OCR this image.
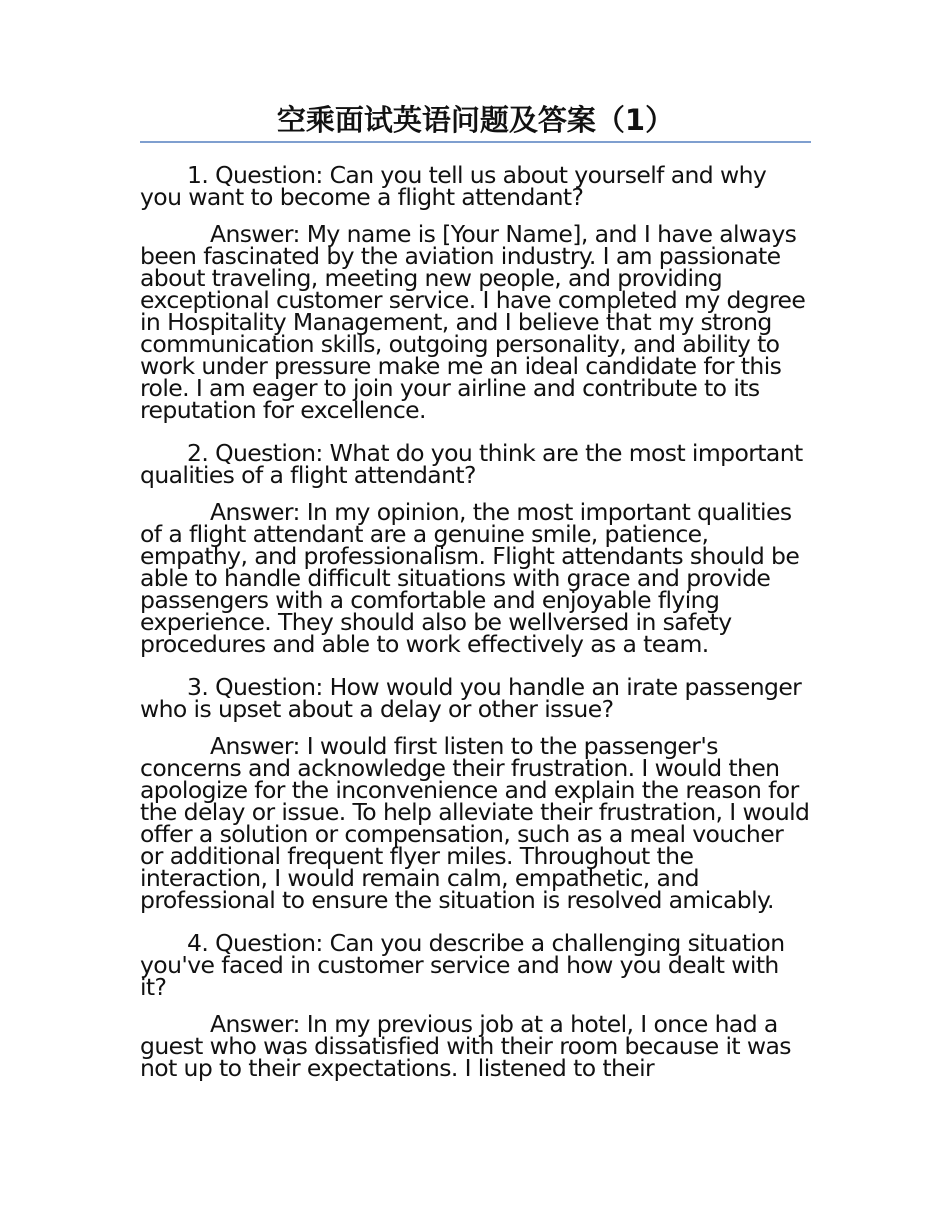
空乘面试英语问题及答案（1）

1. Question: Can you tell us about yourself and why you want to become a flight attendant?

Answer: My name is [Your Name], and I have always been fascinated by the aviation industry. I am passionate about traveling, meeting new people, and providing exceptional customer service. I have completed my degree in Hospitality Management, and I believe that my strong communication skills, outgoing personality, and ability to work under pressure make me an ideal candidate for this role. I am eager to join your airline and contribute to its reputation for excellence.

2. Question: What do you think are the most important qualities of a flight attendant?

Answer: In my opinion, the most important qualities of a flight attendant are a genuine smile, patience, empathy, and professionalism. Flight attendants should be able to handle difficult situations with grace and provide passengers with a comfortable and enjoyable flying experience. They should also be wellversed in safety procedures and able to work effectively as a team.

3. Question: How would you handle an irate passenger who is upset about a delay or other issue?

Answer: I would first listen to the passenger's concerns and acknowledge their frustration. I would then apologize for the inconvenience and explain the reason for the delay or issue. To help alleviate their frustration, I would offer a solution or compensation, such as a meal voucher or additional frequent flyer miles. Throughout the interaction, I would remain calm, empathetic, and professional to ensure the situation is resolved amicably.

4. Question: Can you describe a challenging situation you've faced in customer service and how you dealt with it?

Answer: In my previous job at a hotel, I once had a guest who was dissatisfied with their room because it was not up to their expectations. I listened to their
